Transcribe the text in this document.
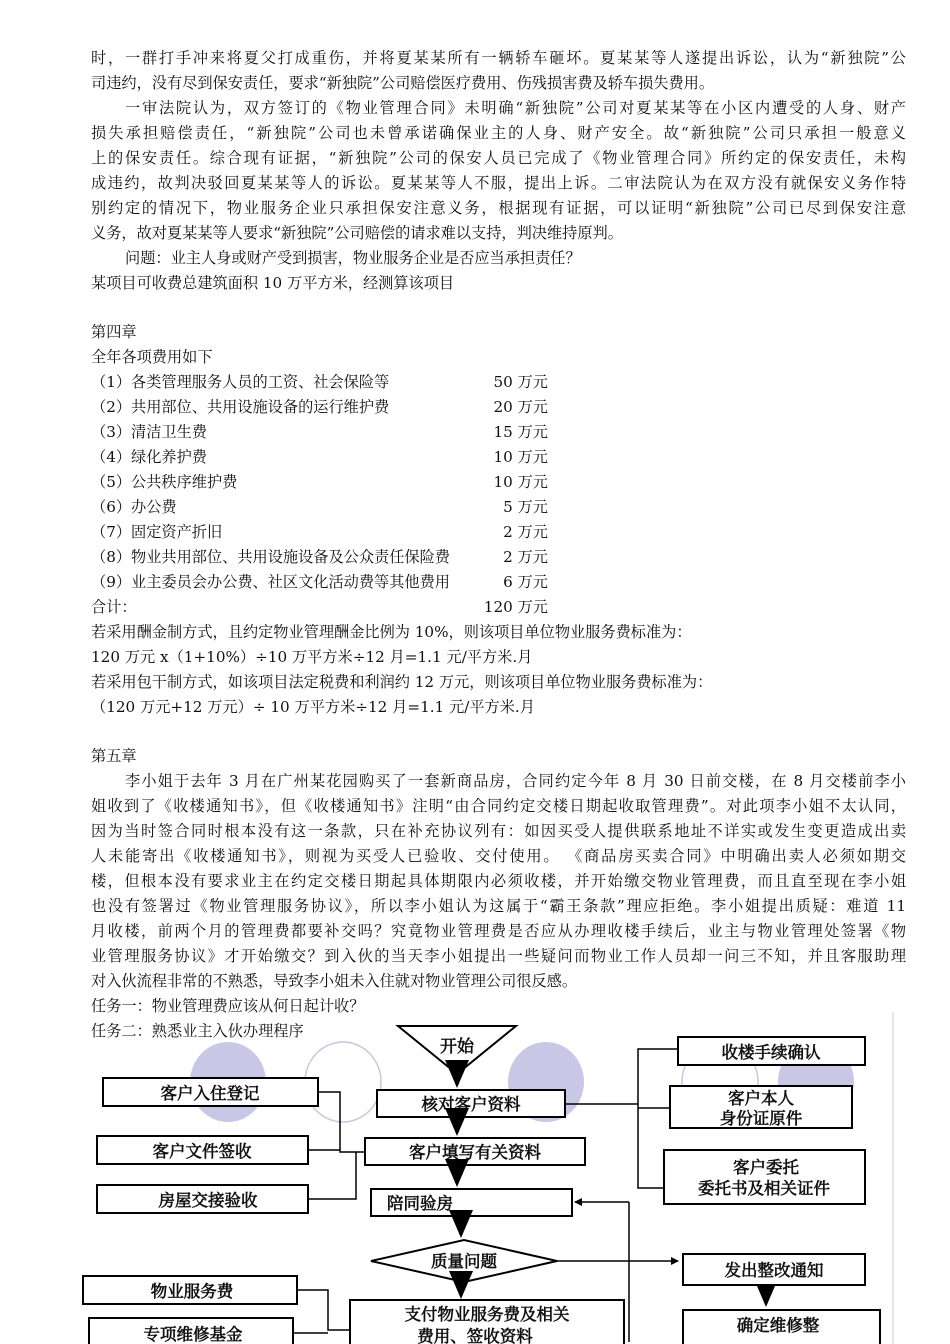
时，一群打手冲来将夏父打成重伤，并将夏某某所有一辆轿车砸坏。夏某某等人遂提出诉讼，认为“新独院”公
司违约，没有尽到保安责任，要求“新独院”公司赔偿医疗费用、伤残损害费及轿车损失费用。
一审法院认为，双方签订的《物业管理合同》未明确“新独院”公司对夏某某等在小区内遭受的人身、财产
损失承担赔偿责任，“新独院”公司也未曾承诺确保业主的人身、财产安全。故“新独院”公司只承担一般意义
上的保安责任。综合现有证据，“新独院”公司的保安人员已完成了《物业管理合同》所约定的保安责任，未构
成违约，故判决驳回夏某某等人的诉讼。夏某某等人不服，提出上诉。二审法院认为在双方没有就保安义务作特
别约定的情况下，物业服务企业只承担保安注意义务，根据现有证据，可以证明“新独院”公司已尽到保安注意
义务，故对夏某某等人要求“新独院”公司赔偿的请求难以支持，判决维持原判。
问题：业主人身或财产受到损害，物业服务企业是否应当承担责任？
某项目可收费总建筑面积 10 万平方米，经测算该项目
第四章
全年各项费用如下
（1）各类管理服务人员的工资、社会保险等	50 万元
（2）共用部位、共用设施设备的运行维护费	20 万元
（3）清洁卫生费	15 万元
（4）绿化养护费	10 万元
（5）公共秩序维护费	10 万元
（6）办公费	5 万元
（7）固定资产折旧	2 万元
（8）物业共用部位、共用设施设备及公众责任保险费	2 万元
（9）业主委员会办公费、社区文化活动费等其他费用	6 万元
合计：	120 万元
若采用酬金制方式，且约定物业管理酬金比例为 10%，则该项目单位物业服务费标准为：
120 万元 x（1+10%）÷10 万平方米÷12 月=1.1 元/平方米.月
若采用包干制方式，如该项目法定税费和利润约 12 万元，则该项目单位物业服务费标准为：
（120 万元+12 万元）÷ 10 万平方米÷12 月=1.1 元/平方米.月
第五章
李小姐于去年 3 月在广州某花园购买了一套新商品房，合同约定今年 8 月 30 日前交楼，在 8 月交楼前李小
姐收到了《收楼通知书》，但《收楼通知书》注明“由合同约定交楼日期起收取管理费”。对此项李小姐不太认同，
因为当时签合同时根本没有这一条款，只在补充协议列有：如因买受人提供联系地址不详实或发生变更造成出卖
人未能寄出《收楼通知书》，则视为买受人已验收、交付使用。 《商品房买卖合同》中明确出卖人必须如期交
楼，但根本没有要求业主在约定交楼日期起具体期限内必须收楼，并开始缴交物业管理费，而且直至现在李小姐
也没有签署过《物业管理服务协议》，所以李小姐认为这属于“霸王条款”理应拒绝。李小姐提出质疑：难道 11
月收楼，前两个月的管理费都要补交吗？究竟物业管理费是否应从办理收楼手续后，业主与物业管理处签署《物
业管理服务协议》才开始缴交？到入伙的当天李小姐提出一些疑问而物业工作人员却一问三不知，并且客服助理
对入伙流程非常的不熟悉，导致李小姐未入住就对物业管理公司很反感。
任务一：物业管理费应该从何日起计收？
任务二：熟悉业主入伙办理程序
开始
核对客户资料
客户填写有关资料
陪同验房
质量问题
支付物业服务费及相关
费用、签收资料
客户入住登记
客户文件签收
房屋交接验收
物业服务费
专项维修基金
收楼手续确认
客户本人
身份证原件
客户委托
委托书及相关证件
发出整改通知
确定维修整
